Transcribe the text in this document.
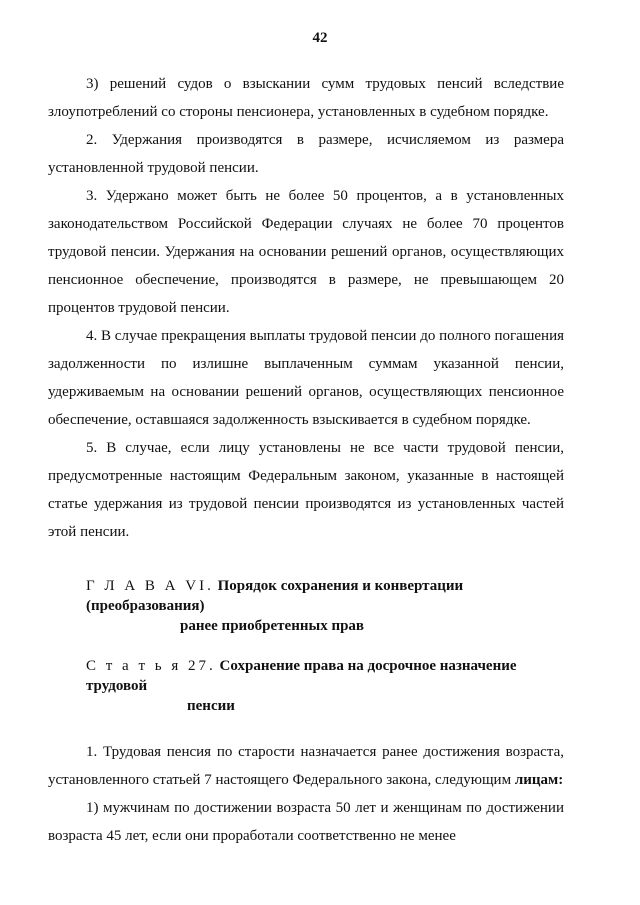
42

3) решений судов о взыскании сумм трудовых пенсий вследствие злоупотреблений со стороны пенсионера, установленных в судебном порядке.

2. Удержания производятся в размере, исчисляемом из размера установленной трудовой пенсии.

3. Удержано может быть не более 50 процентов, а в установленных законодательством Российской Федерации случаях не более 70 процентов трудовой пенсии. Удержания на основании решений органов, осуществляющих пенсионное обеспечение, производятся в размере, не превышающем 20 процентов трудовой пенсии.

4. В случае прекращения выплаты трудовой пенсии до полного погашения задолженности по излишне выплаченным суммам указанной пенсии, удерживаемым на основании решений органов, осуществляющих пенсионное обеспечение, оставшаяся задолженность взыскивается в судебном порядке.

5. В случае, если лицу установлены не все части трудовой пенсии, предусмотренные настоящим Федеральным законом, указанные в настоящей статье удержания из трудовой пенсии производятся из установленных частей этой пенсии.

Г Л А В А VI. Порядок сохранения и конвертации (преобразования)
ранее приобретенных прав
С т а т ь я 27. Сохранение права на досрочное назначение трудовой
пенсии

1. Трудовая пенсия по старости назначается ранее достижения возраста, установленного статьей 7 настоящего Федерального закона, следующим лицам:

1) мужчинам по достижении возраста 50 лет и женщинам по достижении возраста 45 лет, если они проработали соответственно не менее
